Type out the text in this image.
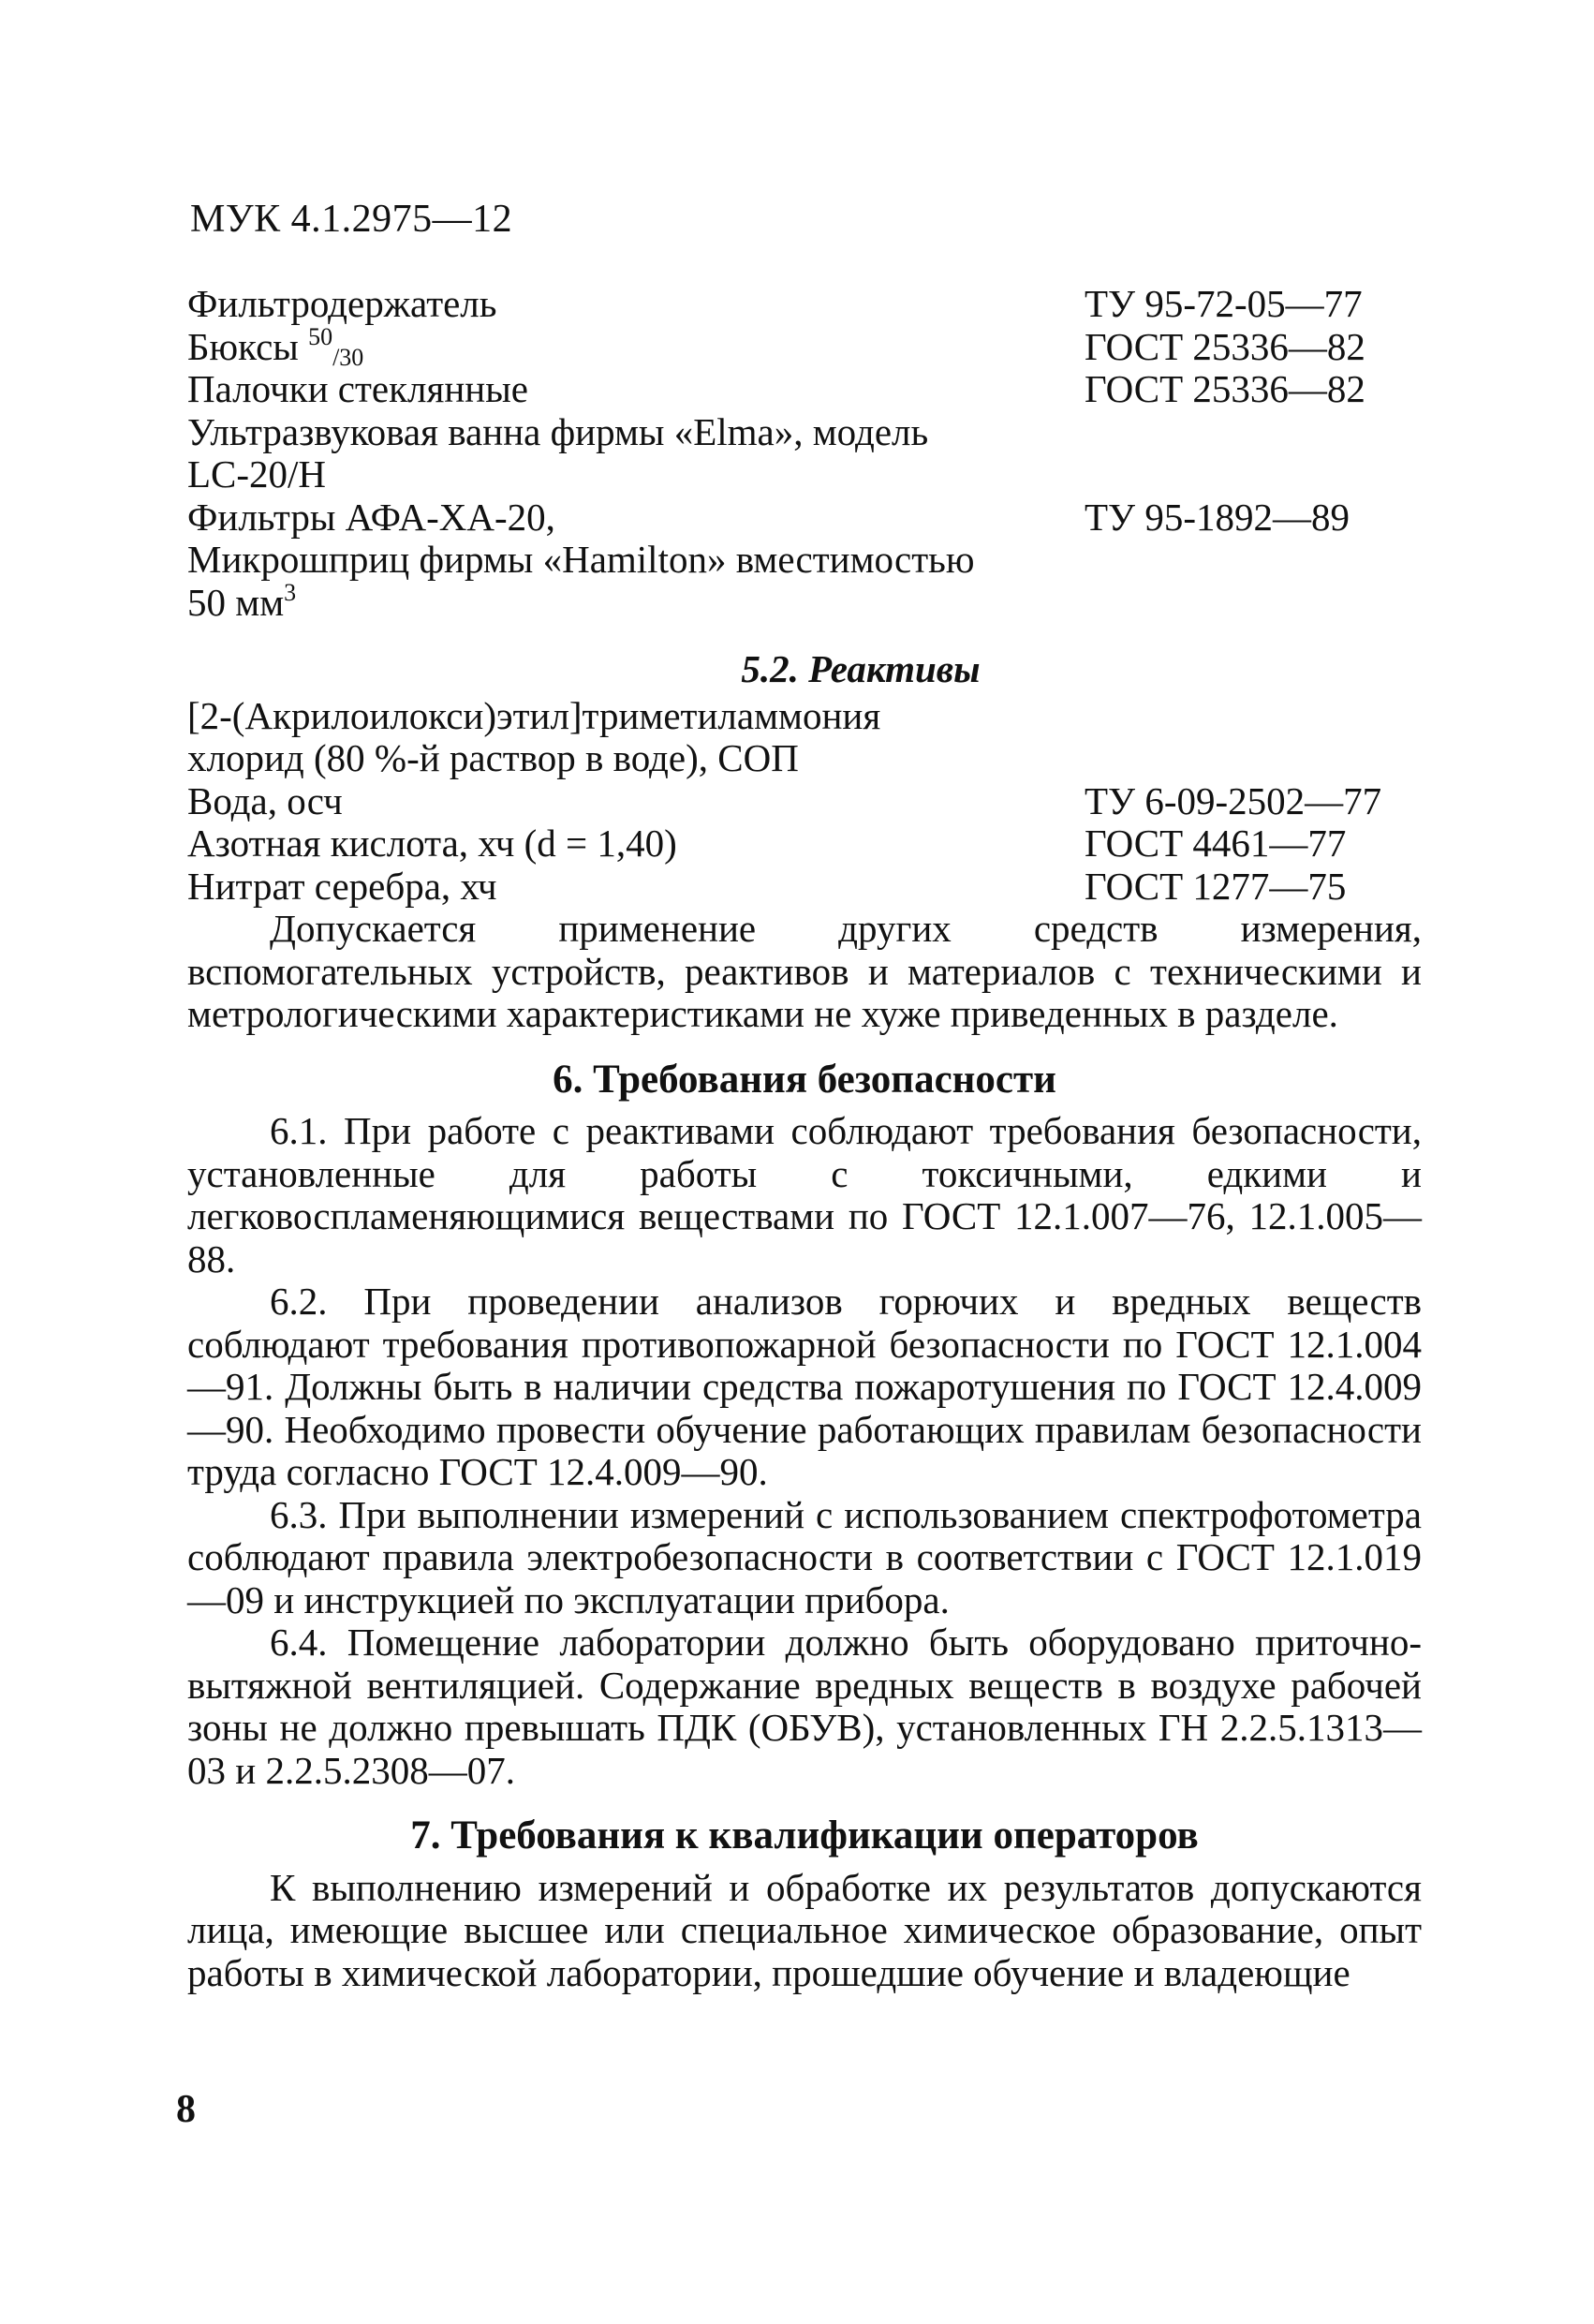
МУК 4.1.2975—12
Фильтродержатель	ТУ 95-72-05—77
Бюксы $^{50}_{/30}$	ГОСТ 25336—82
Палочки стеклянные	ГОСТ 25336—82
Ультразвуковая ванна фирмы «Elma», модель
LC-20/H
Фильтры АФА-ХА-20,	ТУ 95-1892—89
Микрошприц фирмы «Hamilton» вместимостью
50 $мм^3$
5.2. Реактивы
[2-(Акрилоилокси)этил]триметиламмония
хлорид (80 %-й раствор в воде), СОП
Вода, осч	ТУ 6-09-2502—77
Азотная кислота, хч (d = 1,40)	ГОСТ 4461—77
Нитрат серебра, хч	ГОСТ 1277—75
Допускается применение других средств измерения, вспомогательных устройств, реактивов и материалов с техническими и метрологическими характеристиками не хуже приведенных в разделе.
6. Требования безопасности
6.1. При работе с реактивами соблюдают требования безопасности, установленные для работы с токсичными, едкими и легковоспламеняющимися веществами по ГОСТ 12.1.007—76, 12.1.005—88.
6.2. При проведении анализов горючих и вредных веществ соблюдают требования противопожарной безопасности по ГОСТ 12.1.004—91. Должны быть в наличии средства пожаротушения по ГОСТ 12.4.009—90. Необходимо провести обучение работающих правилам безопасности труда согласно ГОСТ 12.4.009—90.
6.3. При выполнении измерений с использованием спектрофотометра соблюдают правила электробезопасности в соответствии с ГОСТ 12.1.019—09 и инструкцией по эксплуатации прибора.
6.4. Помещение лаборатории должно быть оборудовано приточно-вытяжной вентиляцией. Содержание вредных веществ в воздухе рабочей зоны не должно превышать ПДК (ОБУВ), установленных ГН 2.2.5.1313—03 и 2.2.5.2308—07.
7. Требования к квалификации операторов
К выполнению измерений и обработке их результатов допускаются лица, имеющие высшее или специальное химическое образование, опыт работы в химической лаборатории, прошедшие обучение и владеющие
8
